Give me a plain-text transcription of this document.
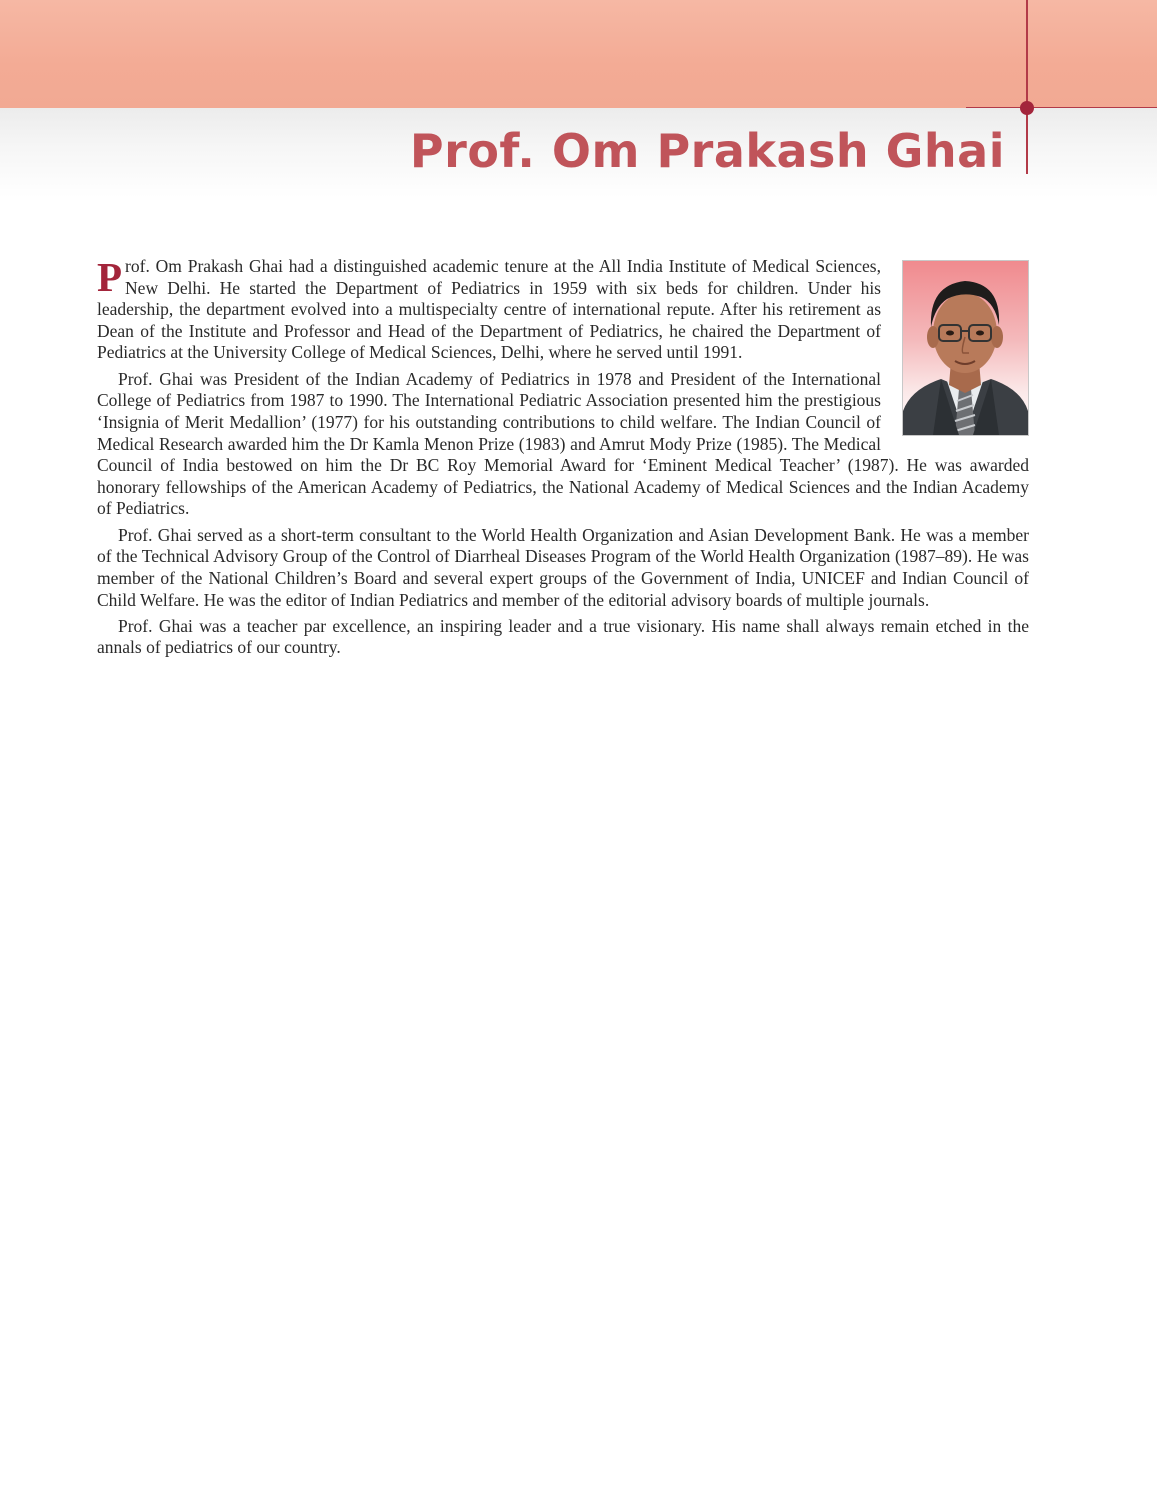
Prof. Om Prakash Ghai

Prof. Om Prakash Ghai had a distinguished academic tenure at the All India Institute of Medical Sciences, New Delhi. He started the Department of Pediatrics in 1959 with six beds for children. Under his leadership, the department evolved into a multispecialty centre of international repute. After his retirement as Dean of the Institute and Professor and Head of the Department of Pediatrics, he chaired the Department of Pediatrics at the University College of Medical Sciences, Delhi, where he served until 1991.

Prof. Ghai was President of the Indian Academy of Pediatrics in 1978 and President of the International College of Pediatrics from 1987 to 1990. The International Pediatric Association presented him the prestigious ‘Insignia of Merit Medallion’ (1977) for his outstanding contributions to child welfare. The Indian Council of Medical Research awarded him the Dr Kamla Menon Prize (1983) and Amrut Mody Prize (1985). The Medical Council of India bestowed on him the Dr BC Roy Memorial Award for ‘Eminent Medical Teacher’ (1987). He was awarded honorary fellowships of the American Academy of Pediatrics, the National Academy of Medical Sciences and the Indian Academy of Pediatrics.

Prof. Ghai served as a short-term consultant to the World Health Organization and Asian Development Bank. He was a member of the Technical Advisory Group of the Control of Diarrheal Diseases Program of the World Health Organization (1987–89). He was member of the National Children’s Board and several expert groups of the Government of India, UNICEF and Indian Council of Child Welfare. He was the editor of Indian Pediatrics and member of the editorial advisory boards of multiple journals.

Prof. Ghai was a teacher par excellence, an inspiring leader and a true visionary. His name shall always remain etched in the annals of pediatrics of our country.
